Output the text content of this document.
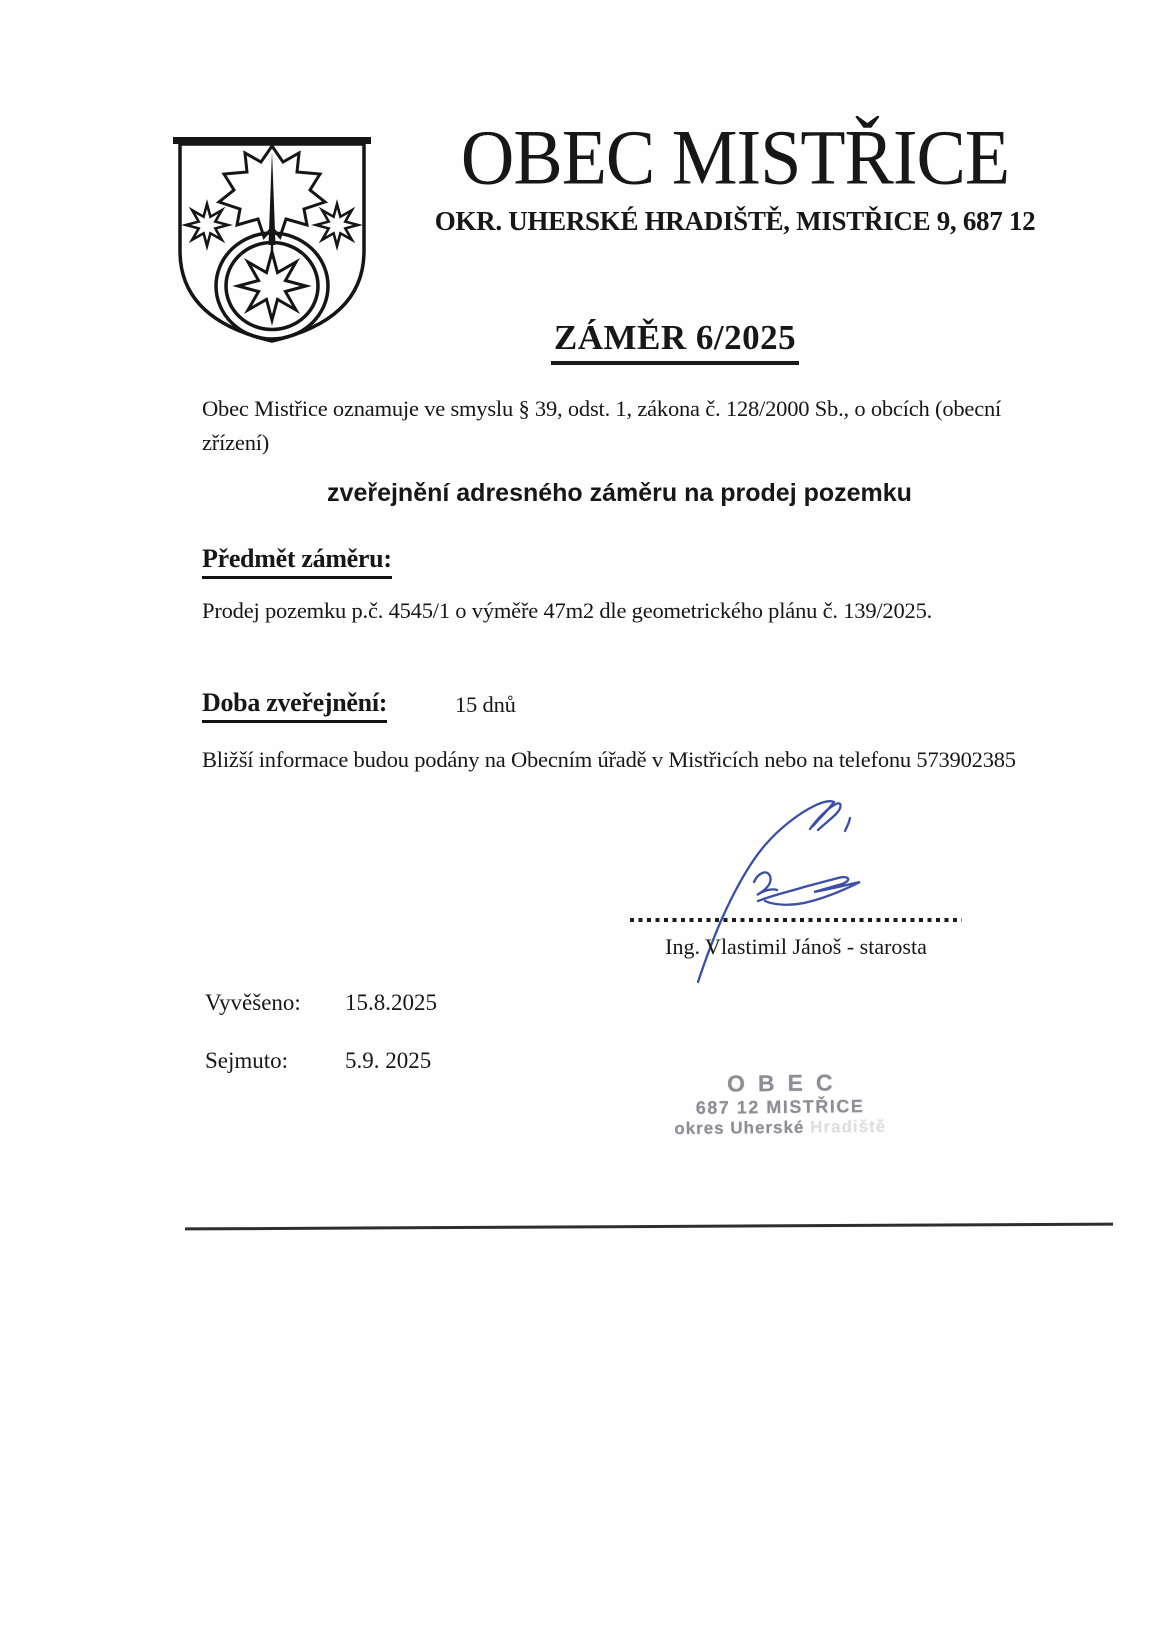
OBEC MISTŘICE
OKR. UHERSKÉ HRADIŠTĚ, MISTŘICE 9, 687 12
ZÁMĚR 6/2025
Obec Mistřice oznamuje ve smyslu § 39, odst. 1, zákona č. 128/2000 Sb., o obcích (obecní
zřízení)
zveřejnění adresného záměru na prodej pozemku
Předmět záměru:
Prodej pozemku p.č. 4545/1 o výměře 47m2 dle geometrického plánu č. 139/2025.
Doba zveřejnění:	15 dnů
Bližší informace budou podány na Obecním úřadě v Mistřicích nebo na telefonu 573902385
Ing. Vlastimil Jánoš - starosta
Vyvěšeno: 15.8.2025
Sejmuto: 5.9. 2025
OBEC
687 12 MISTŘICE
okres Uherské Hradiště
